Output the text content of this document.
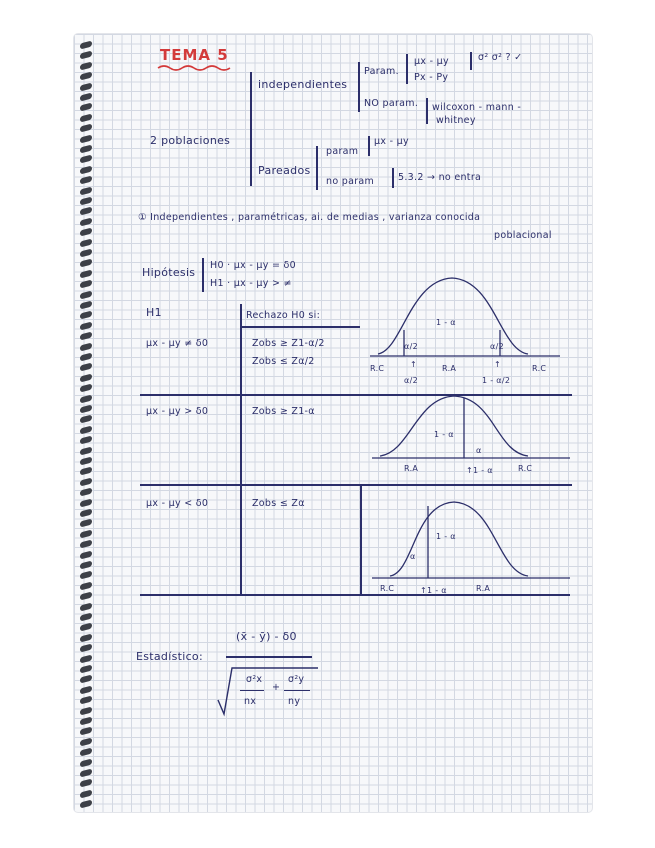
TEMA 5
2 poblaciones
independientes
Param.
μx - μy
Px - Py
σ² σ² ? ✓
NO param. wilcoxon - mann -
whitney
Pareados
param
μx - μy
no param	5.3.2 → no entra
① Independientes , paramétricas, ai. de medias , varianza conocida
poblacional
Hipótesis
H0 · μx - μy = δ0
H1 · μx - μy > ≠
H1	Rechazo H0 si:
μx - μy ≠ δ0	Zobs ≥ Z1-α/2
Zobs ≤ Zα/2
μx - μy > δ0	Zobs ≥ Z1-α
μx - μy < δ0	Zobs ≤ Zα
1 - α
α/2	α/2
R.C	↑	R.A	↑	R.C
α/2	1 - α/2
1 - α
α
R.A	↑1 - α	R.C
1 - α
α
R.C	↑1 - α	R.A
Estadístico:
(x̄ - ȳ) - δ0
σ²x
nx
+
σ²y
ny
